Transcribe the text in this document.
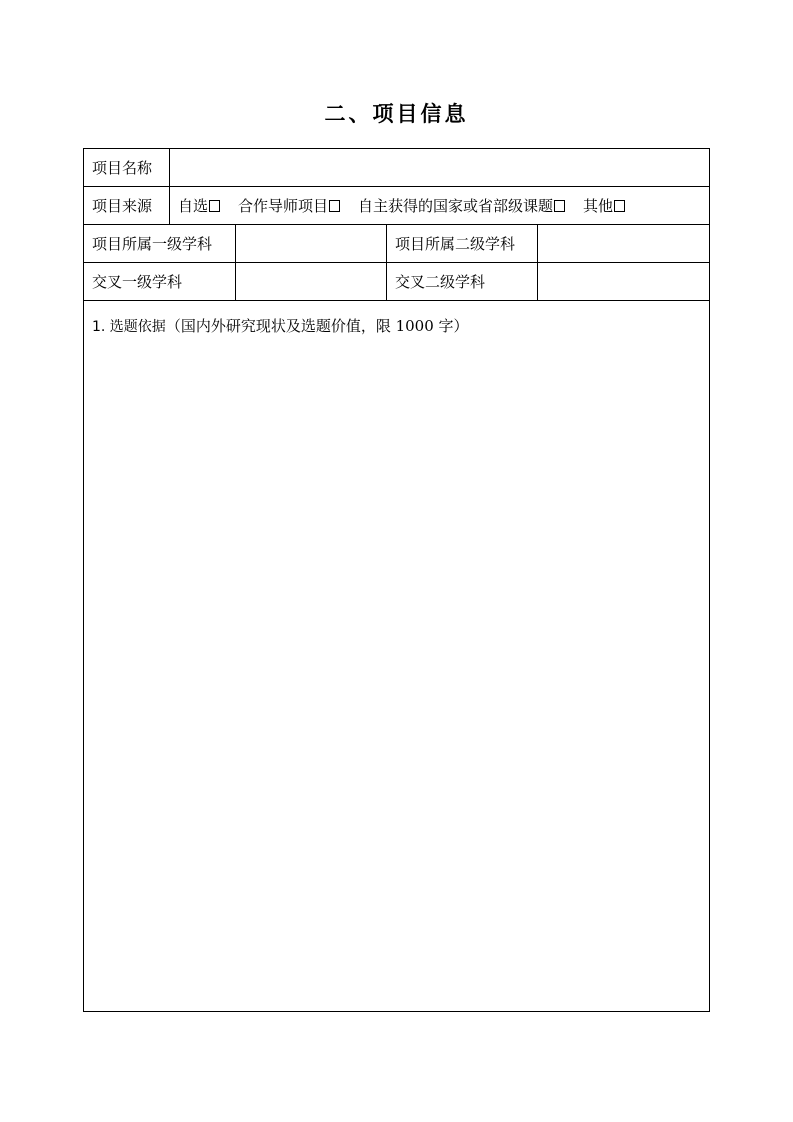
二、项目信息
项目名称
项目来源	自选	合作导师项目	自主获得的国家或省部级课题	其他
项目所属一级学科	项目所属二级学科
交叉一级学科	交叉二级学科
1. 选题依据（国内外研究现状及选题价值，限 1000 字）
